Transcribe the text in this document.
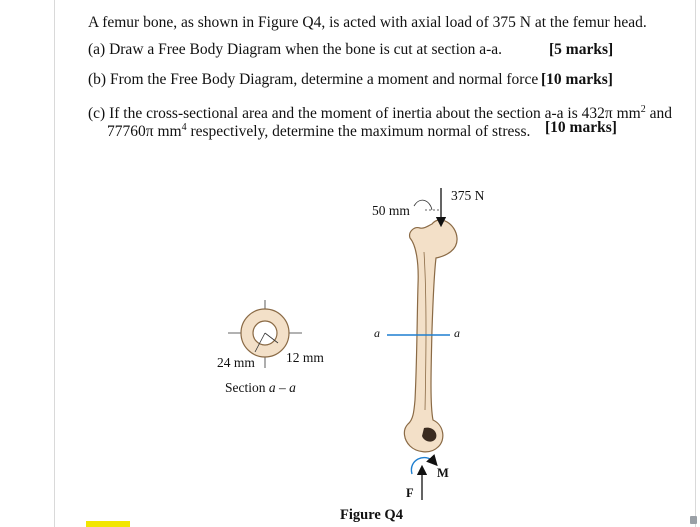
A femur bone, as shown in Figure Q4, is acted with axial load of 375 N at the femur head.
(a) Draw a Free Body Diagram when the bone is cut at section a-a.	[5 marks]
(b) From the Free Body Diagram, determine a moment and normal force [10 marks]
(c) If the cross-sectional area and the moment of inertia about the section a-a is 432π $mm^2$ and
77760π $mm^4$ respectively, determine the maximum normal of stress. [10 marks]
375 N
50 mm
a	a
M
F
24 mm 12 mm
Section a – a
Figure Q4
